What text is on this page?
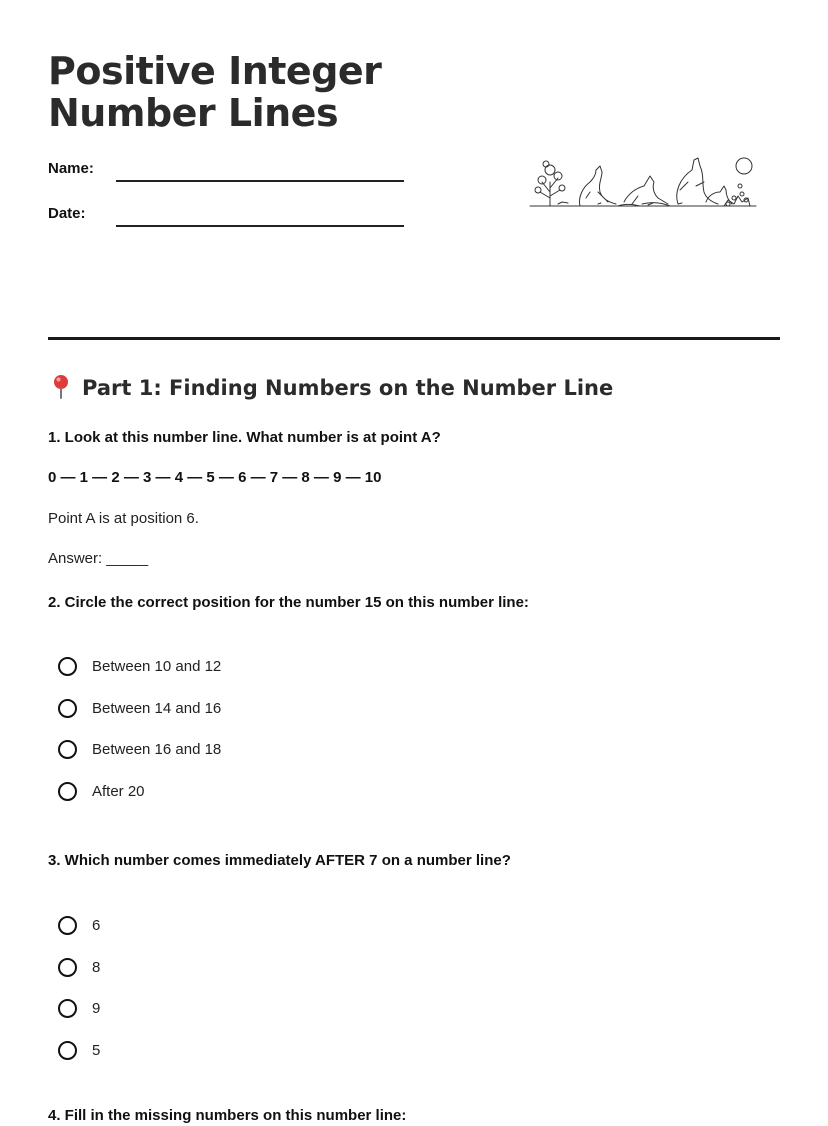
Positive Integer Number Lines
Name:
Date:
Part 1: Finding Numbers on the Number Line

1. Look at this number line. What number is at point A?

0 — 1 — 2 — 3 — 4 — 5 — 6 — 7 — 8 — 9 — 10

Point A is at position 6.

Answer: _____

2. Circle the correct position for the number 15 on this number line:

Between 10 and 12
Between 14 and 16
Between 16 and 18
After 20

3. Which number comes immediately AFTER 7 on a number line?

6
8
9
5

4. Fill in the missing numbers on this number line:
